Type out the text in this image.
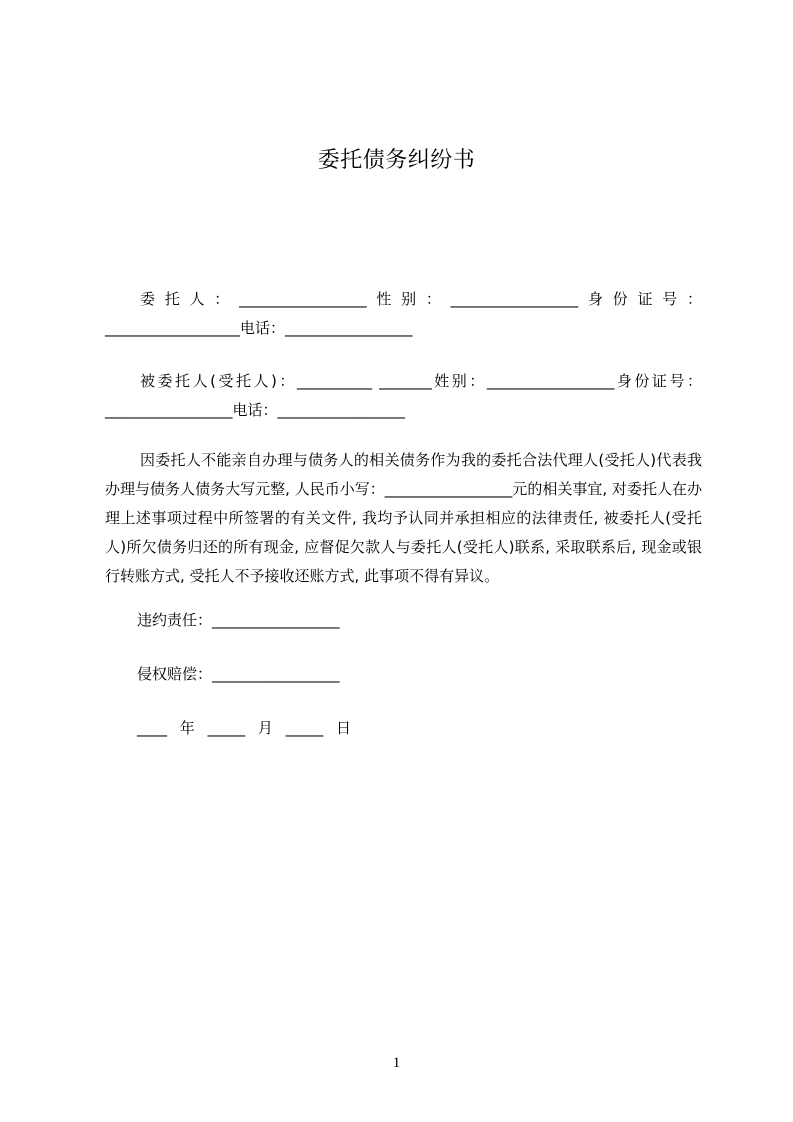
委托债务纠纷书
委托人：_________________性别：_________________身份证号：__________________电话：_________________
被委托人(受托人)：__________ _______姓别：_________________身份证号：_________________电话：_________________
因委托人不能亲自办理与债务人的相关债务作为我的委托合法代理人(受托人)代表我办理与债务人债务大写元整, 人民币小写：_________________元的相关事宜, 对委托人在办理上述事项过程中所签署的有关文件, 我均予认同并承担相应的法律责任, 被委托人(受托人)所欠债务归还的所有现金, 应督促欠款人与委托人(受托人)联系, 采取联系后, 现金或银行转账方式, 受托人不予接收还账方式, 此事项不得有异议。
违约责任：_________________
侵权赔偿：_________________
____ 年 _____ 月 _____ 日
1
